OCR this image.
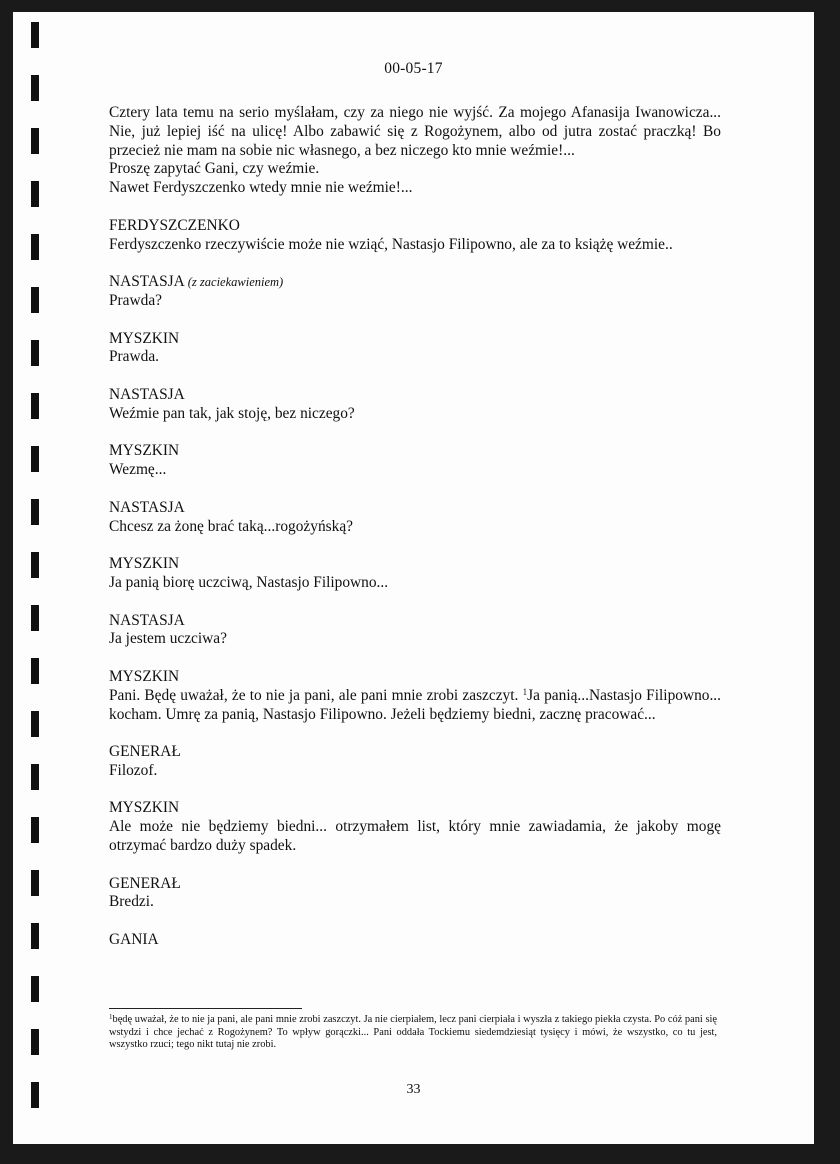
00-05-17

Cztery lata temu na serio myślałam, czy za niego nie wyjść. Za mojego Afanasija Iwanowicza... Nie, już lepiej iść na ulicę! Albo zabawić się z Rogożynem, albo od jutra zostać praczką! Bo przecież nie mam na sobie nic własnego, a bez niczego kto mnie weźmie!...

Proszę zapytać Gani, czy weźmie.

Nawet Ferdyszczenko wtedy mnie nie weźmie!...

FERDYSZCZENKO

Ferdyszczenko rzeczywiście może nie wziąć, Nastasjo Filipowno, ale za to książę weźmie..

NASTASJA (z zaciekawieniem)

Prawda?

MYSZKIN

Prawda.

NASTASJA

Weźmie pan tak, jak stoję, bez niczego?

MYSZKIN

Wezmę...

NASTASJA

Chcesz za żonę brać taką...rogożyńską?

MYSZKIN

Ja panią biorę uczciwą, Nastasjo Filipowno...

NASTASJA

Ja jestem uczciwa?

MYSZKIN

Pani. Będę uważał, że to nie ja pani, ale pani mnie zrobi zaszczyt. $^1$Ja panią...Nastasjo Filipowno... kocham. Umrę za panią, Nastasjo Filipowno. Jeżeli będziemy biedni, zacznę pracować...

GENERAŁ

Filozof.

MYSZKIN

Ale może nie będziemy biedni... otrzymałem list, który mnie zawiadamia, że jakoby mogę otrzymać bardzo duży spadek.

GENERAŁ

Bredzi.

GANIA

$^1$będę uważał, że to nie ja pani, ale pani mnie zrobi zaszczyt. Ja nie cierpiałem, lecz pani cierpiała i wyszła z takiego piekła czysta. Po cóż pani się wstydzi i chce jechać z Rogożynem? To wpływ gorączki... Pani oddała Tockiemu siedemdziesiąt tysięcy i mówi, że wszystko, co tu jest, wszystko rzuci; tego nikt tutaj nie zrobi.
33
